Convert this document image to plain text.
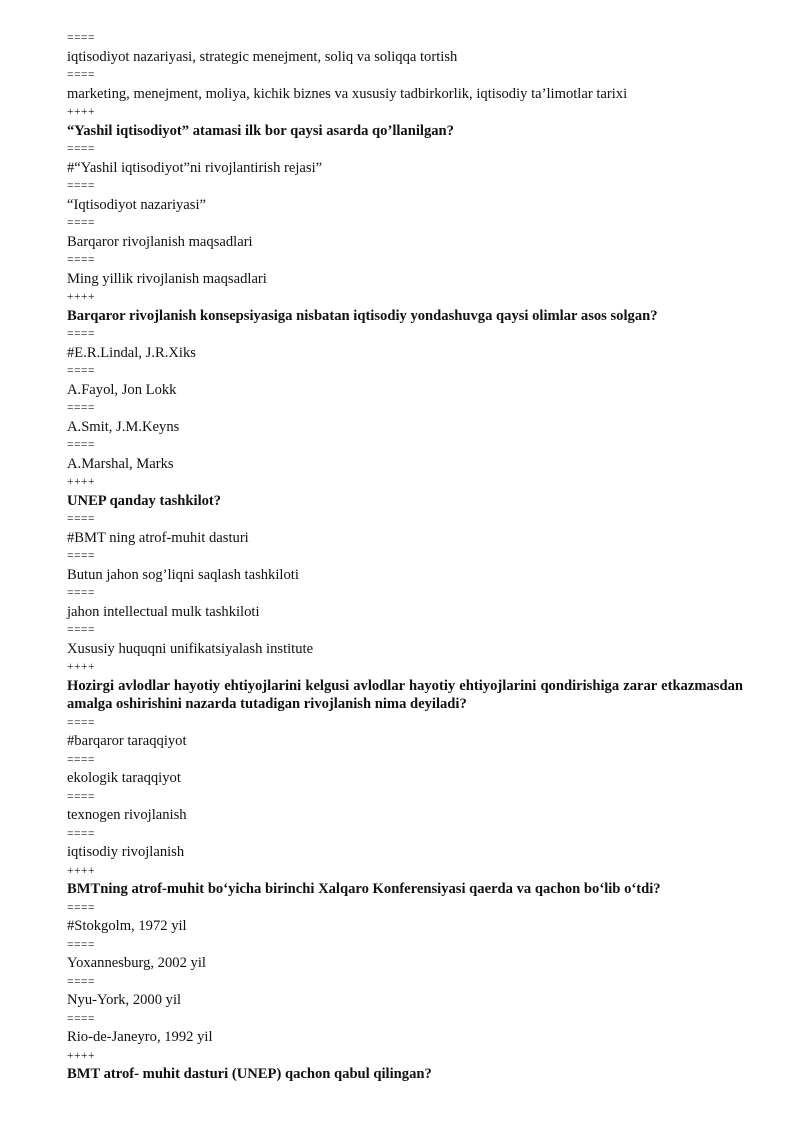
====
iqtisodiyot nazariyasi, strategic menejment, soliq va soliqqa tortish
====
marketing, menejment, moliya, kichik biznes va xususiy tadbirkorlik, iqtisodiy ta’limotlar tarixi
++++
“Yashil iqtisodiyot” atamasi ilk bor qaysi asarda qo’llanilgan?
====
#“Yashil iqtisodiyot”ni rivojlantirish rejasi”
====
“Iqtisodiyot nazariyasi”
====
Barqaror rivojlanish maqsadlari
====
Ming yillik rivojlanish maqsadlari
++++
Barqaror rivojlanish konsepsiyasiga nisbatan iqtisodiy yondashuvga qaysi olimlar asos solgan?
====
#E.R.Lindal, J.R.Xiks
====
A.Fayol, Jon Lokk
====
A.Smit, J.M.Keyns
====
A.Marshal, Marks
++++
UNEP qanday tashkilot?
====
#BMT ning atrof-muhit dasturi
====
Butun jahon sog’liqni saqlash tashkiloti
====
jahon intellectual mulk tashkiloti
====
Xususiy huquqni unifikatsiyalash institute
++++
Hozirgi avlodlar hayotiy ehtiyojlarini kelgusi avlodlar hayotiy ehtiyojlarini qondirishiga zarar etkazmasdan amalga oshirishini nazarda tutadigan rivojlanish nima deyiladi?
====
#barqaror taraqqiyot
====
ekologik taraqqiyot
====
texnogen rivojlanish
====
iqtisodiy rivojlanish
++++
BMTning atrof-muhit bo‘yicha birinchi Xalqaro Konferensiyasi qaerda va qachon bo‘lib o‘tdi?
====
#Stokgolm, 1972 yil
====
Yoxannesburg, 2002 yil
====
Nyu-York, 2000 yil
====
Rio-de-Janeyro, 1992 yil
++++
BMT atrof- muhit dasturi (UNEP) qachon qabul qilingan?
